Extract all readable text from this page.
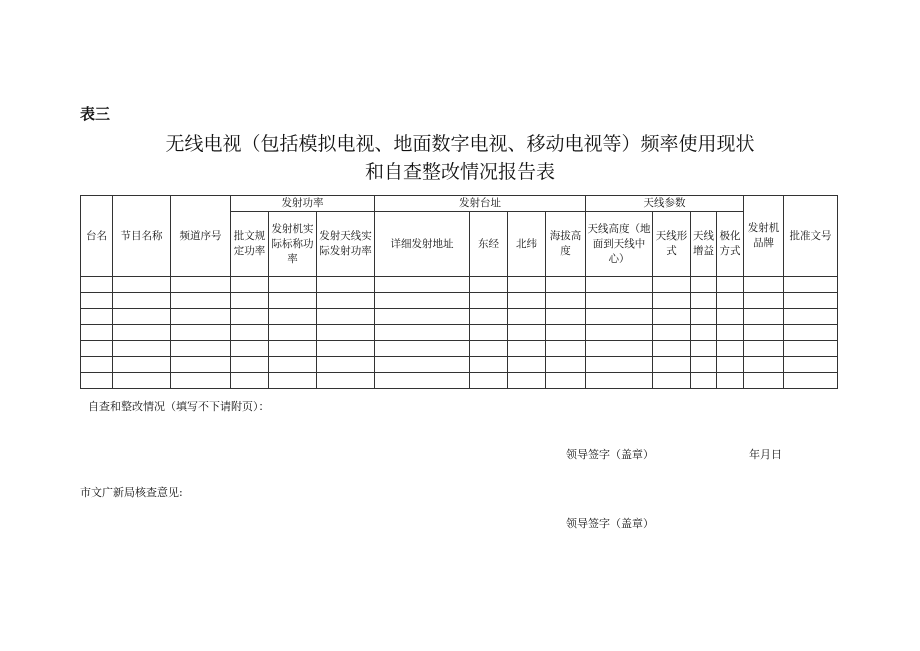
表三
无线电视（包括模拟电视、地面数字电视、移动电视等）频率使用现状
和自查整改情况报告表
台名	节目名称	频道序号	发射功率			发射台址				天线参数				发射机品牌	批准文号
			批文规定功率	发射机实际标称功率	发射天线实际发射功率	详细发射地址	东经	北纬	海拔高度	天线高度（地面到天线中心）	天线形式	天线增益	极化方式		

自查和整改情况（填写不下请附页）：
领导签字（盖章）	年月日
市文广新局核查意见:
领导签字（盖章）
